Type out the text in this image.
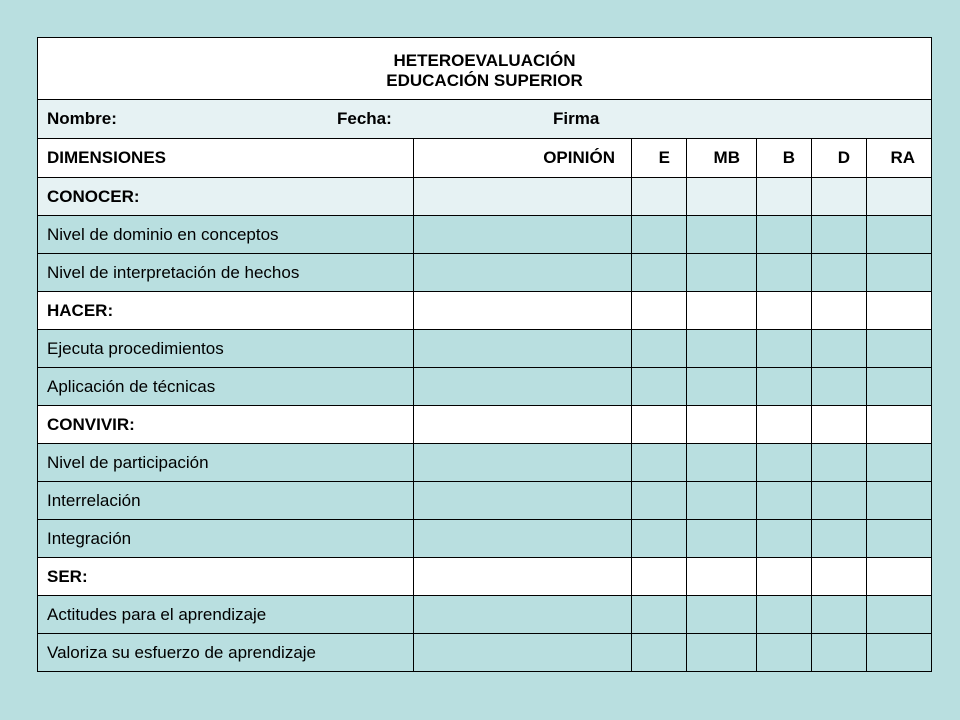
HETEROEVALUACIÓN
EDUCACIÓN SUPERIOR						

Nombre: Fecha: Firma						
DIMENSIONES	OPINIÓN	E	MB	B	D	RA
CONOCER:						
Nivel de dominio en conceptos						
Nivel de interpretación de hechos						
HACER:						
Ejecuta procedimientos						
Aplicación de técnicas						
CONVIVIR:						
Nivel de participación						
Interrelación						
Integración						
SER:						
Actitudes para el aprendizaje						
Valoriza su esfuerzo de aprendizaje						
